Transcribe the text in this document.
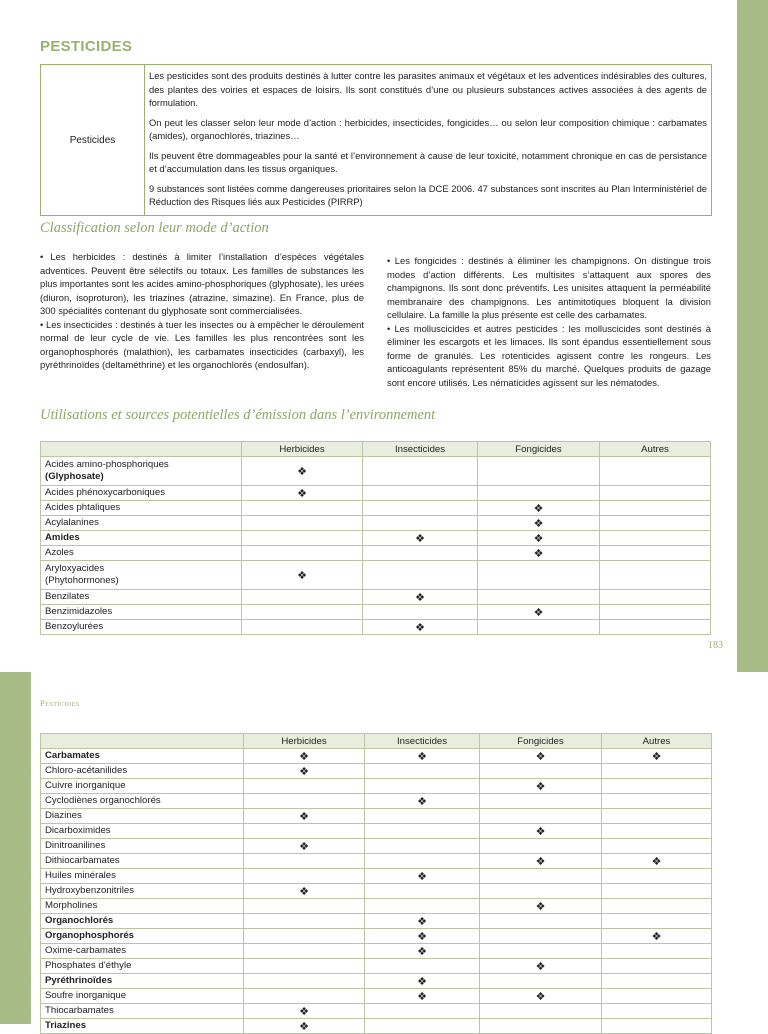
PESTICIDES
Pesticides

Les pesticides sont des produits destinés à lutter contre les parasites animaux et végétaux et les adventices indésirables des cultures, des plantes des voiries et espaces de loisirs. Ils sont constitués d’une ou plusieurs substances actives associées à des agents de formulation.

On peut les classer selon leur mode d’action : herbicides, insecticides, fongicides… ou selon leur composition chimique : carbamates (amides), organochlorés, triazines…

Ils peuvent être dommageables pour la santé et l’environnement à cause de leur toxicité, notamment chronique en cas de persistance et d’accumulation dans les tissus organiques.

9 substances sont listées comme dangereuses prioritaires selon la DCE 2006. 47 substances sont inscrites au Plan Interministériel de Réduction des Risques liés aux Pesticides (PIRRP)

Classification selon leur mode d’action

• Les herbicides : destinés à limiter l’installation d’espèces végétales adventices. Peuvent être sélectifs ou totaux. Les familles de substances les plus importantes sont les acides amino-phosphoriques (glyphosate), les urées (diuron, isoproturon), les triazines (atrazine, simazine). En France, plus de 300 spécialités contenant du glyphosate sont commercialisées.

• Les insecticides : destinés à tuer les insectes ou à empêcher le déroulement normal de leur cycle de vie. Les familles les plus rencontrées sont les organophosphorés (malathion), les carbamates insecticides (carbaxyl), les pyréthrinoïdes (deltaméthrine) et les organochlorés (endosulfan).

• Les fongicides : destinés à éliminer les champignons. On distingue trois modes d’action différents. Les multisites s’attaquent aux spores des champignons. Ils sont donc préventifs. Les unisites attaquent la perméabilité membranaire des champignons. Les antimitotiques bloquent la division cellulaire. La famille la plus présente est celle des carbamates.

• Les molluscicides et autres pesticides : les molluscicides sont destinés à éliminer les escargots et les limaces. Ils sont épandus essentiellement sous forme de granulés. Les rotenticides agissent contre les rongeurs. Les anticoagulants représentent 85% du marché. Quelques produits de gazage sont encore utilisés. Les nématicides agissent sur les nématodes.

Utilisations et sources potentielles d’émission dans l’environnement
	Herbicides	Insecticides	Fongicides	Autres
Acides amino-phosphoriques
(Glyphosate)	❖			
Acides phénoxycarboniques	❖			
Acides phtaliques			❖	
Acylalanines			❖	
Amides		❖	❖	
Azoles			❖	
Aryloxyacides
(Phytohormones)	❖			
Benzilates		❖		
Benzimidazoles			❖	
Benzoylurées		❖		
183
Pesticides
	Herbicides	Insecticides	Fongicides	Autres
Carbamates	❖	❖	❖	❖
Chloro-acétanilides	❖			
Cuivre inorganique			❖	
Cyclodiènes organochlorés		❖		
Diazines	❖			
Dicarboximides			❖	
Dinitroanilines	❖			
Dithiocarbamates			❖	❖
Huiles minérales		❖		
Hydroxybenzonitriles	❖			
Morpholines			❖	
Organochlorés		❖		
Organophosphorés		❖		❖
Oxime-carbamates		❖		
Phosphates d’éthyle			❖	
Pyréthrinoïdes		❖		
Soufre inorganique		❖	❖	
Thiocarbamates	❖			
Triazines	❖			
